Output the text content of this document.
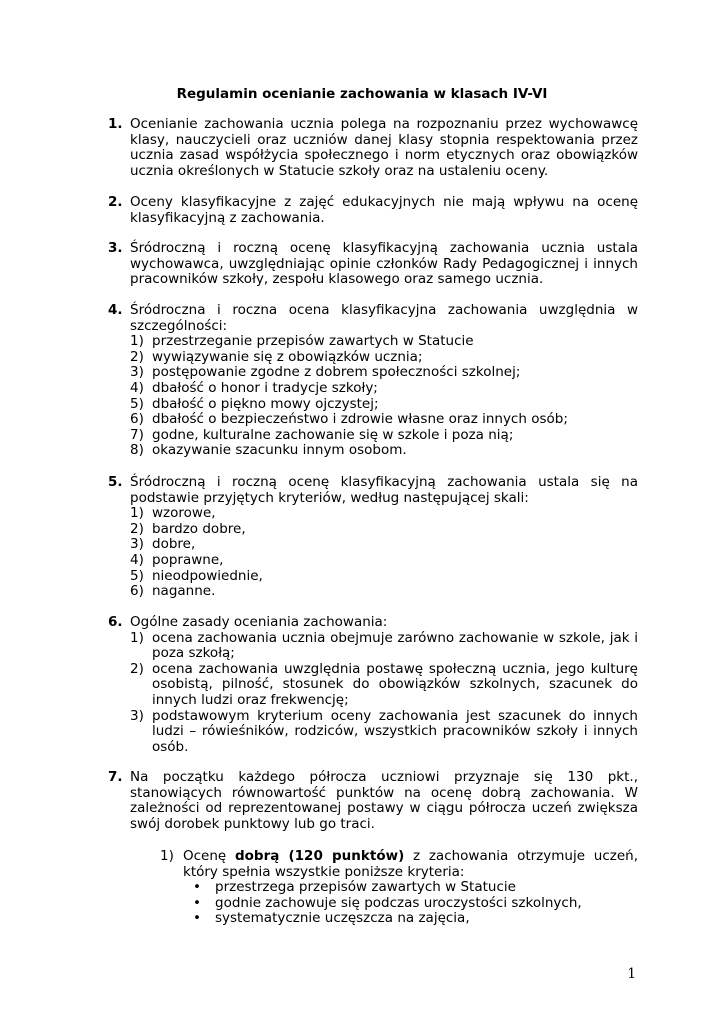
Regulamin ocenianie zachowania w klasach IV-VI
1. Ocenianie zachowania ucznia polega na rozpoznaniu przez wychowawcę klasy, nauczycieli oraz uczniów danej klasy stopnia respektowania przez ucznia zasad współżycia społecznego i norm etycznych oraz obowiązków ucznia określonych w Statucie szkoły oraz na ustaleniu oceny.
2. Oceny klasyfikacyjne z zajęć edukacyjnych nie mają wpływu na ocenę klasyfikacyjną z zachowania.
3. Śródroczną i roczną ocenę klasyfikacyjną zachowania ucznia ustala wychowawca, uwzględniając opinie członków Rady Pedagogicznej i innych pracowników szkoły, zespołu klasowego oraz samego ucznia.
4. Śródroczna i roczna ocena klasyfikacyjna zachowania uwzględnia w szczególności:
1) przestrzeganie przepisów zawartych w Statucie
2) wywiązywanie się z obowiązków ucznia;
3) postępowanie zgodne z dobrem społeczności szkolnej;
4) dbałość o honor i tradycje szkoły;
5) dbałość o piękno mowy ojczystej;
6) dbałość o bezpieczeństwo i zdrowie własne oraz innych osób;
7) godne, kulturalne zachowanie się w szkole i poza nią;
8) okazywanie szacunku innym osobom.
5. Śródroczną i roczną ocenę klasyfikacyjną zachowania ustala się na podstawie przyjętych kryteriów, według następującej skali:
1) wzorowe,
2) bardzo dobre,
3) dobre,
4) poprawne,
5) nieodpowiednie,
6) naganne.
6. Ogólne zasady oceniania zachowania:
1) ocena zachowania ucznia obejmuje zarówno zachowanie w szkole, jak i poza szkołą;
2) ocena zachowania uwzględnia postawę społeczną ucznia, jego kulturę osobistą, pilność, stosunek do obowiązków szkolnych, szacunek do innych ludzi oraz frekwencję;
3) podstawowym kryterium oceny zachowania jest szacunek do innych ludzi – rówieśników, rodziców, wszystkich pracowników szkoły i innych osób.
7. Na początku każdego półrocza uczniowi przyznaje się 130 pkt., stanowiących równowartość punktów na ocenę dobrą zachowania. W zależności od reprezentowanej postawy w ciągu półrocza uczeń zwiększa swój dorobek punktowy lub go traci.
1) Ocenę dobrą (120 punktów) z zachowania otrzymuje uczeń, który spełnia wszystkie poniższe kryteria:
• przestrzega przepisów zawartych w Statucie
• godnie zachowuje się podczas uroczystości szkolnych,
• systematycznie uczęszcza na zajęcia,
1
